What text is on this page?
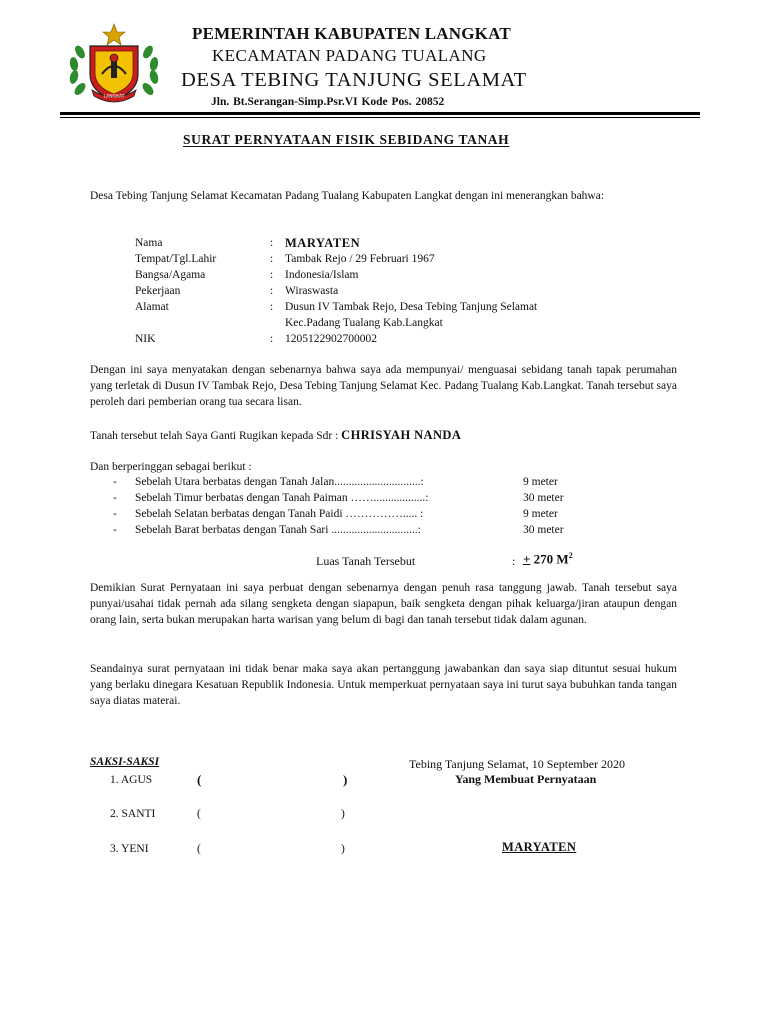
LANGKAT
PEMERINTAH KABUPATEN LANGKAT
KECAMATAN PADANG TUALANG
DESA TEBING TANJUNG SELAMAT
Jln. Bt.Serangan-Simp.Psr.VI Kode Pos. 20852
SURAT PERNYATAAN FISIK SEBIDANG TANAH
Desa Tebing Tanjung Selamat Kecamatan Padang Tualang Kabupaten Langkat dengan ini menerangkan bahwa:
Nama	: MARYATEN
Tempat/Tgl.Lahir	: Tambak Rejo / 29 Februari 1967
Bangsa/Agama	: Indonesia/Islam
Pekerjaan	: Wiraswasta
Alamat	: Dusun IV Tambak Rejo, Desa Tebing Tanjung Selamat
Kec.Padang Tualang Kab.Langkat
NIK	: 1205122902700002
Dengan ini saya menyatakan dengan sebenarnya bahwa saya ada mempunyai/ menguasai sebidang tanah tapak perumahan yang terletak di Dusun IV Tambak Rejo, Desa Tebing Tanjung Selamat Kec. Padang Tualang Kab.Langkat. Tanah tersebut saya peroleh dari pemberian orang tua secara lisan.
Tanah tersebut telah Saya Ganti Rugikan kepada Sdr : CHRISYAH NANDA
Dan berperinggan sebagai berikut :
- Sebelah Utara berbatas dengan Tanah Jalan..............................:	9 meter
- Sebelah Timur berbatas dengan Tanah Paiman ……..................:	30 meter
- Sebelah Selatan berbatas dengan Tanah Paidi ……………..... :	9 meter
- Sebelah Barat berbatas dengan Tanah Sari ..............................:	30 meter
Luas Tanah Tersebut	: + 270 $M^2$
Demikian Surat Pernyataan ini saya perbuat dengan sebenarnya dengan penuh rasa tanggung jawab. Tanah tersebut saya punyai/usahai tidak pernah ada silang sengketa dengan siapapun, baik sengketa dengan pihak keluarga/jiran ataupun dengan orang lain, serta bukan merupakan harta warisan yang belum di bagi dan tanah tersebut tidak dalam agunan.
Seandainya surat pernyataan ini tidak benar maka saya akan pertanggung jawabankan dan saya siap dituntut sesuai hukum yang berlaku dinegara Kesatuan Republik Indonesia. Untuk memperkuat pernyataan saya ini turut saya bubuhkan tanda tangan saya diatas materai.
SAKSI-SAKSI	Tebing Tanjung Selamat, 10 September 2020
1. AGUS	(	)	Yang Membuat Pernyataan
2. SANTI	(	)
3. YENI	(	)	MARYATEN
